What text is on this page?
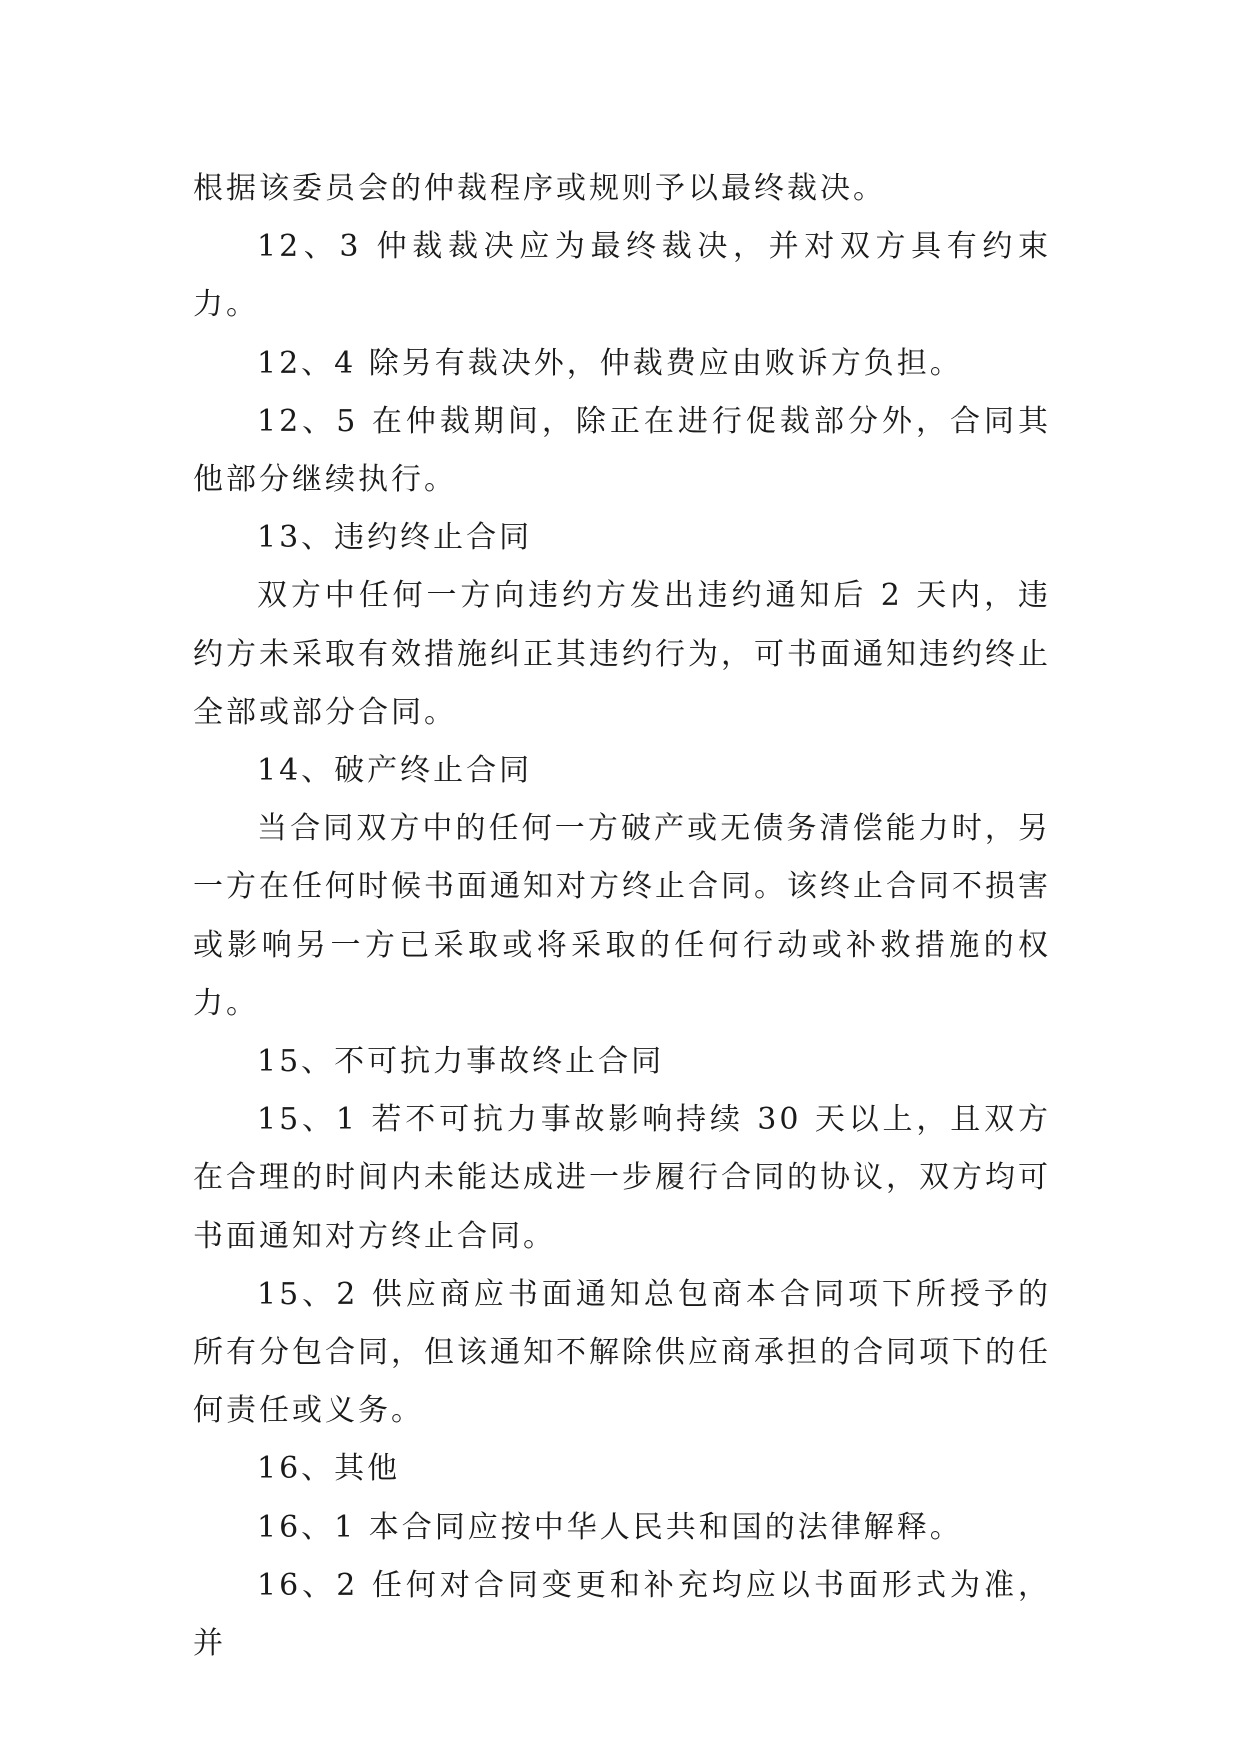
根据该委员会的仲裁程序或规则予以最终裁决。

12、3 仲裁裁决应为最终裁决，并对双方具有约束力。

12、4 除另有裁决外，仲裁费应由败诉方负担。

12、5 在仲裁期间，除正在进行促裁部分外，合同其他部分继续执行。

13、违约终止合同

双方中任何一方向违约方发出违约通知后 2 天内，违约方未采取有效措施纠正其违约行为，可书面通知违约终止全部或部分合同。

14、破产终止合同

当合同双方中的任何一方破产或无债务清偿能力时，另一方在任何时候书面通知对方终止合同。该终止合同不损害或影响另一方已采取或将采取的任何行动或补救措施的权力。

15、不可抗力事故终止合同

15、1 若不可抗力事故影响持续 30 天以上，且双方在合理的时间内未能达成进一步履行合同的协议，双方均可书面通知对方终止合同。

15、2 供应商应书面通知总包商本合同项下所授予的所有分包合同，但该通知不解除供应商承担的合同项下的任何责任或义务。

16、其他

16、1 本合同应按中华人民共和国的法律解释。

16、2 任何对合同变更和补充均应以书面形式为准，并
